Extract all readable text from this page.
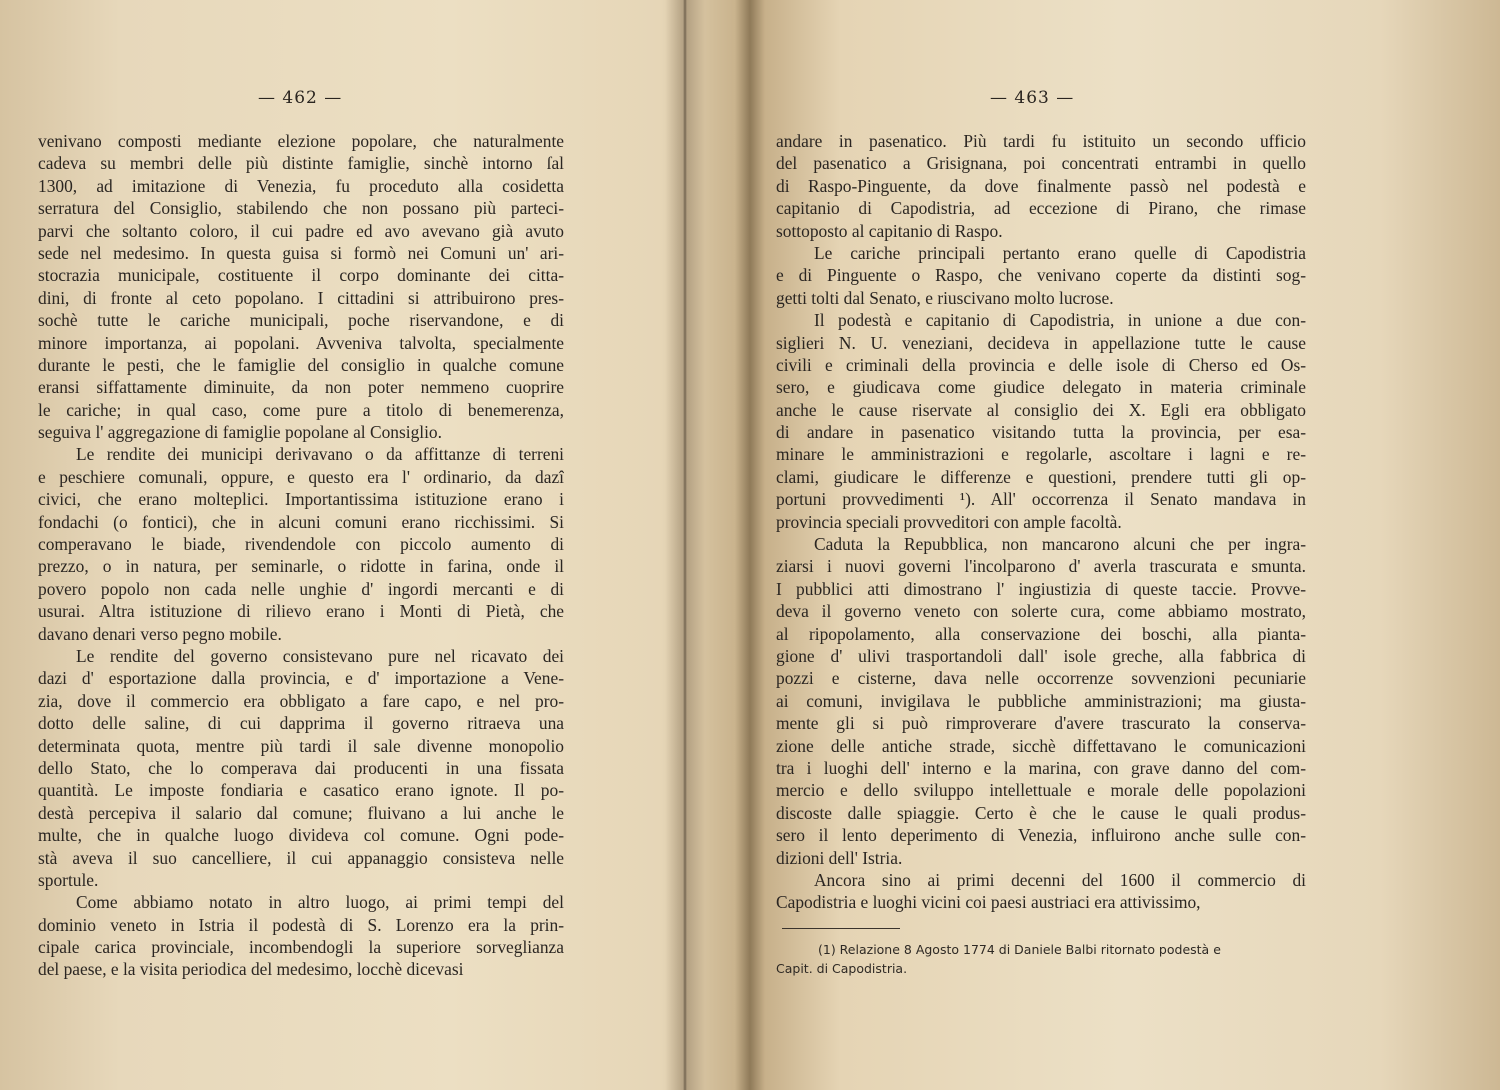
— 462 —
venivano composti mediante elezione popolare, che naturalmente
cadeva su membri delle più distinte famiglie, sinchè intorno ſal
1300, ad imitazione di Venezia, fu proceduto alla cosidetta
serratura del Consiglio, stabilendo che non possano più parteci-
parvi che soltanto coloro, il cui padre ed avo avevano già avuto
sede nel medesimo. In questa guisa si formò nei Comuni un' ari-
stocrazia municipale, costituente il corpo dominante dei citta-
dini, di fronte al ceto popolano. I cittadini si attribuirono pres-
sochè tutte le cariche municipali, poche riservandone, e di
minore importanza, ai popolani. Avveniva talvolta, specialmente
durante le pesti, che le famiglie del consiglio in qualche comune
eransi siffattamente diminuite, da non poter nemmeno cuoprire
le cariche; in qual caso, come pure a titolo di benemerenza,
seguiva l' aggregazione di famiglie popolane al Consiglio.
Le rendite dei municipi derivavano o da affittanze di terreni
e peschiere comunali, oppure, e questo era l' ordinario, da dazî
civici, che erano molteplici. Importantissima istituzione erano i
fondachi (o fontici), che in alcuni comuni erano ricchissimi. Si
comperavano le biade, rivendendole con piccolo aumento di
prezzo, o in natura, per seminarle, o ridotte in farina, onde il
povero popolo non cada nelle unghie d' ingordi mercanti e di
usurai. Altra istituzione di rilievo erano i Monti di Pietà, che
davano denari verso pegno mobile.
Le rendite del governo consistevano pure nel ricavato dei
dazi d' esportazione dalla provincia, e d' importazione a Vene-
zia, dove il commercio era obbligato a fare capo, e nel pro-
dotto delle saline, di cui dapprima il governo ritraeva una
determinata quota, mentre più tardi il sale divenne monopolio
dello Stato, che lo comperava dai producenti in una fissata
quantità. Le imposte fondiaria e casatico erano ignote. Il po-
destà percepiva il salario dal comune; fluivano a lui anche le
multe, che in qualche luogo divideva col comune. Ogni pode-
stà aveva il suo cancelliere, il cui appanaggio consisteva nelle
sportule.
Come abbiamo notato in altro luogo, ai primi tempi del
dominio veneto in Istria il podestà di S. Lorenzo era la prin-
cipale carica provinciale, incombendogli la superiore sorveglianza
del paese, e la visita periodica del medesimo, locchè dicevasi
— 463 —
andare in pasenatico. Più tardi fu istituito un secondo ufficio
del pasenatico a Grisignana, poi concentrati entrambi in quello
di Raspo-Pinguente, da dove finalmente passò nel podestà e
capitanio di Capodistria, ad eccezione di Pirano, che rimase
sottoposto al capitanio di Raspo.
Le cariche principali pertanto erano quelle di Capodistria
e di Pinguente o Raspo, che venivano coperte da distinti sog-
getti tolti dal Senato, e riuscivano molto lucrose.
Il podestà e capitanio di Capodistria, in unione a due con-
siglieri N. U. veneziani, decideva in appellazione tutte le cause
civili e criminali della provincia e delle isole di Cherso ed Os-
sero, e giudicava come giudice delegato in materia criminale
anche le cause riservate al consiglio dei X. Egli era obbligato
di andare in pasenatico visitando tutta la provincia, per esa-
minare le amministrazioni e regolarle, ascoltare i lagni e re-
clami, giudicare le differenze e questioni, prendere tutti gli op-
portuni provvedimenti ¹). All' occorrenza il Senato mandava in
provincia speciali provveditori con ample facoltà.
Caduta la Repubblica, non mancarono alcuni che per ingra-
ziarsi i nuovi governi l'incolparono d' averla trascurata e smunta.
I pubblici atti dimostrano l' ingiustizia di queste taccie. Provve-
deva il governo veneto con solerte cura, come abbiamo mostrato,
al ripopolamento, alla conservazione dei boschi, alla pianta-
gione d' ulivi trasportandoli dall' isole greche, alla fabbrica di
pozzi e cisterne, dava nelle occorrenze sovvenzioni pecuniarie
ai comuni, invigilava le pubbliche amministrazioni; ma giusta-
mente gli si può rimproverare d'avere trascurato la conserva-
zione delle antiche strade, sicchè diffettavano le comunicazioni
tra i luoghi dell' interno e la marina, con grave danno del com-
mercio e dello sviluppo intellettuale e morale delle popolazioni
discoste dalle spiaggie. Certo è che le cause le quali produs-
sero il lento deperimento di Venezia, influirono anche sulle con-
dizioni dell' Istria.
Ancora sino ai primi decenni del 1600 il commercio di
Capodistria e luoghi vicini coi paesi austriaci era attivissimo,
(1) Relazione 8 Agosto 1774 di Daniele Balbi ritornato podestà e
Capit. di Capodistria.
